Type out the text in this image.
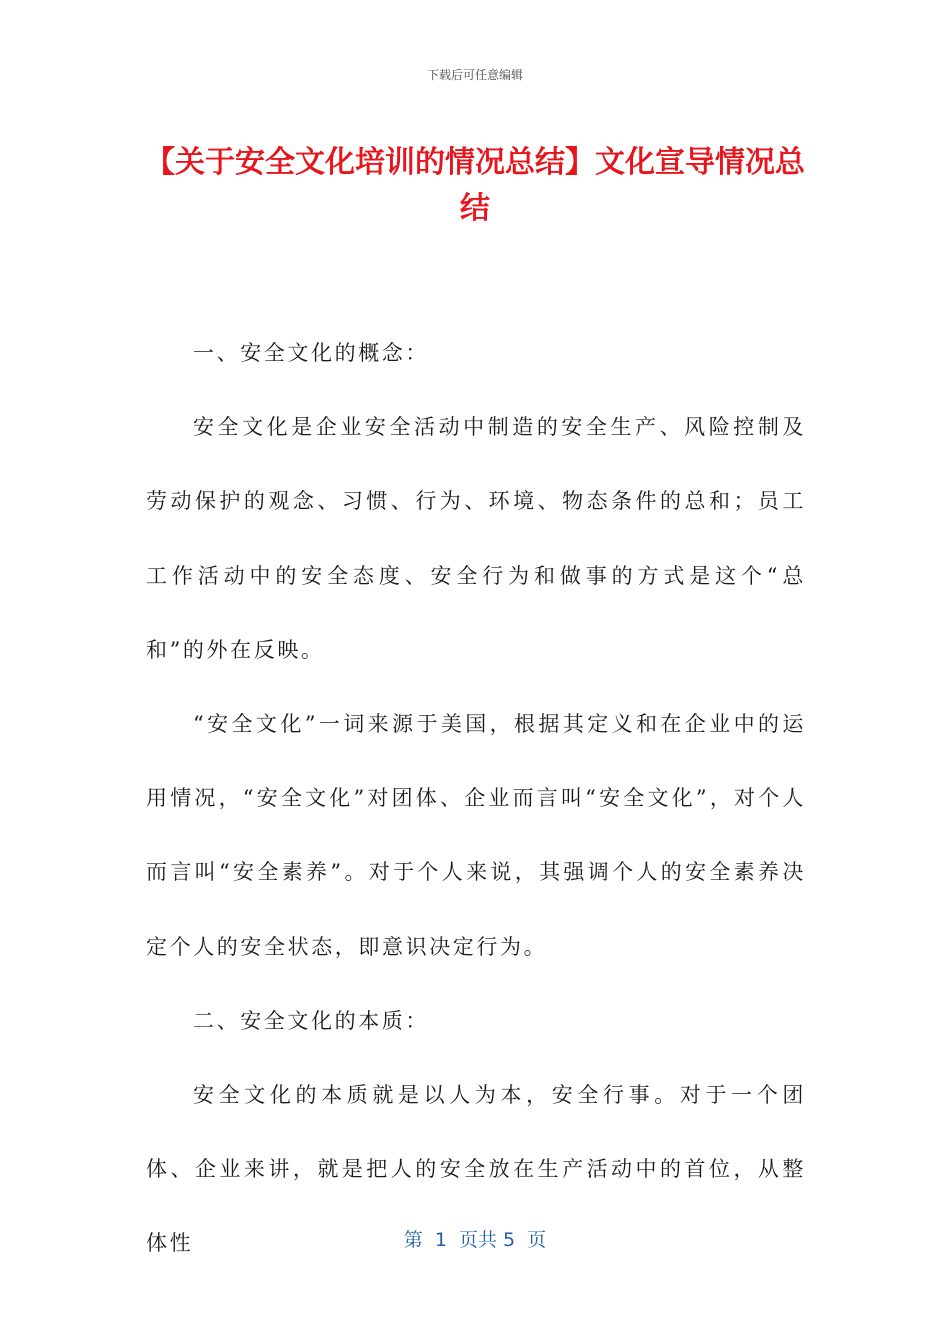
下载后可任意编辑
【关于安全文化培训的情况总结】文化宣导情况总结

一、安全文化的概念：

安全文化是企业安全活动中制造的安全生产、风险控制及劳动保护的观念、习惯、行为、环境、物态条件的总和；员工工作活动中的安全态度、安全行为和做事的方式是这个“总和”的外在反映。

“安全文化”一词来源于美国，根据其定义和在企业中的运用情况，“安全文化”对团体、企业而言叫“安全文化”，对个人而言叫“安全素养”。对于个人来说，其强调个人的安全素养决定个人的安全状态，即意识决定行为。

二、安全文化的本质：

安全文化的本质就是以人为本，安全行事。对于一个团体、企业来讲，就是把人的安全放在生产活动中的首位，从整体性	第  1  页共 5  页
